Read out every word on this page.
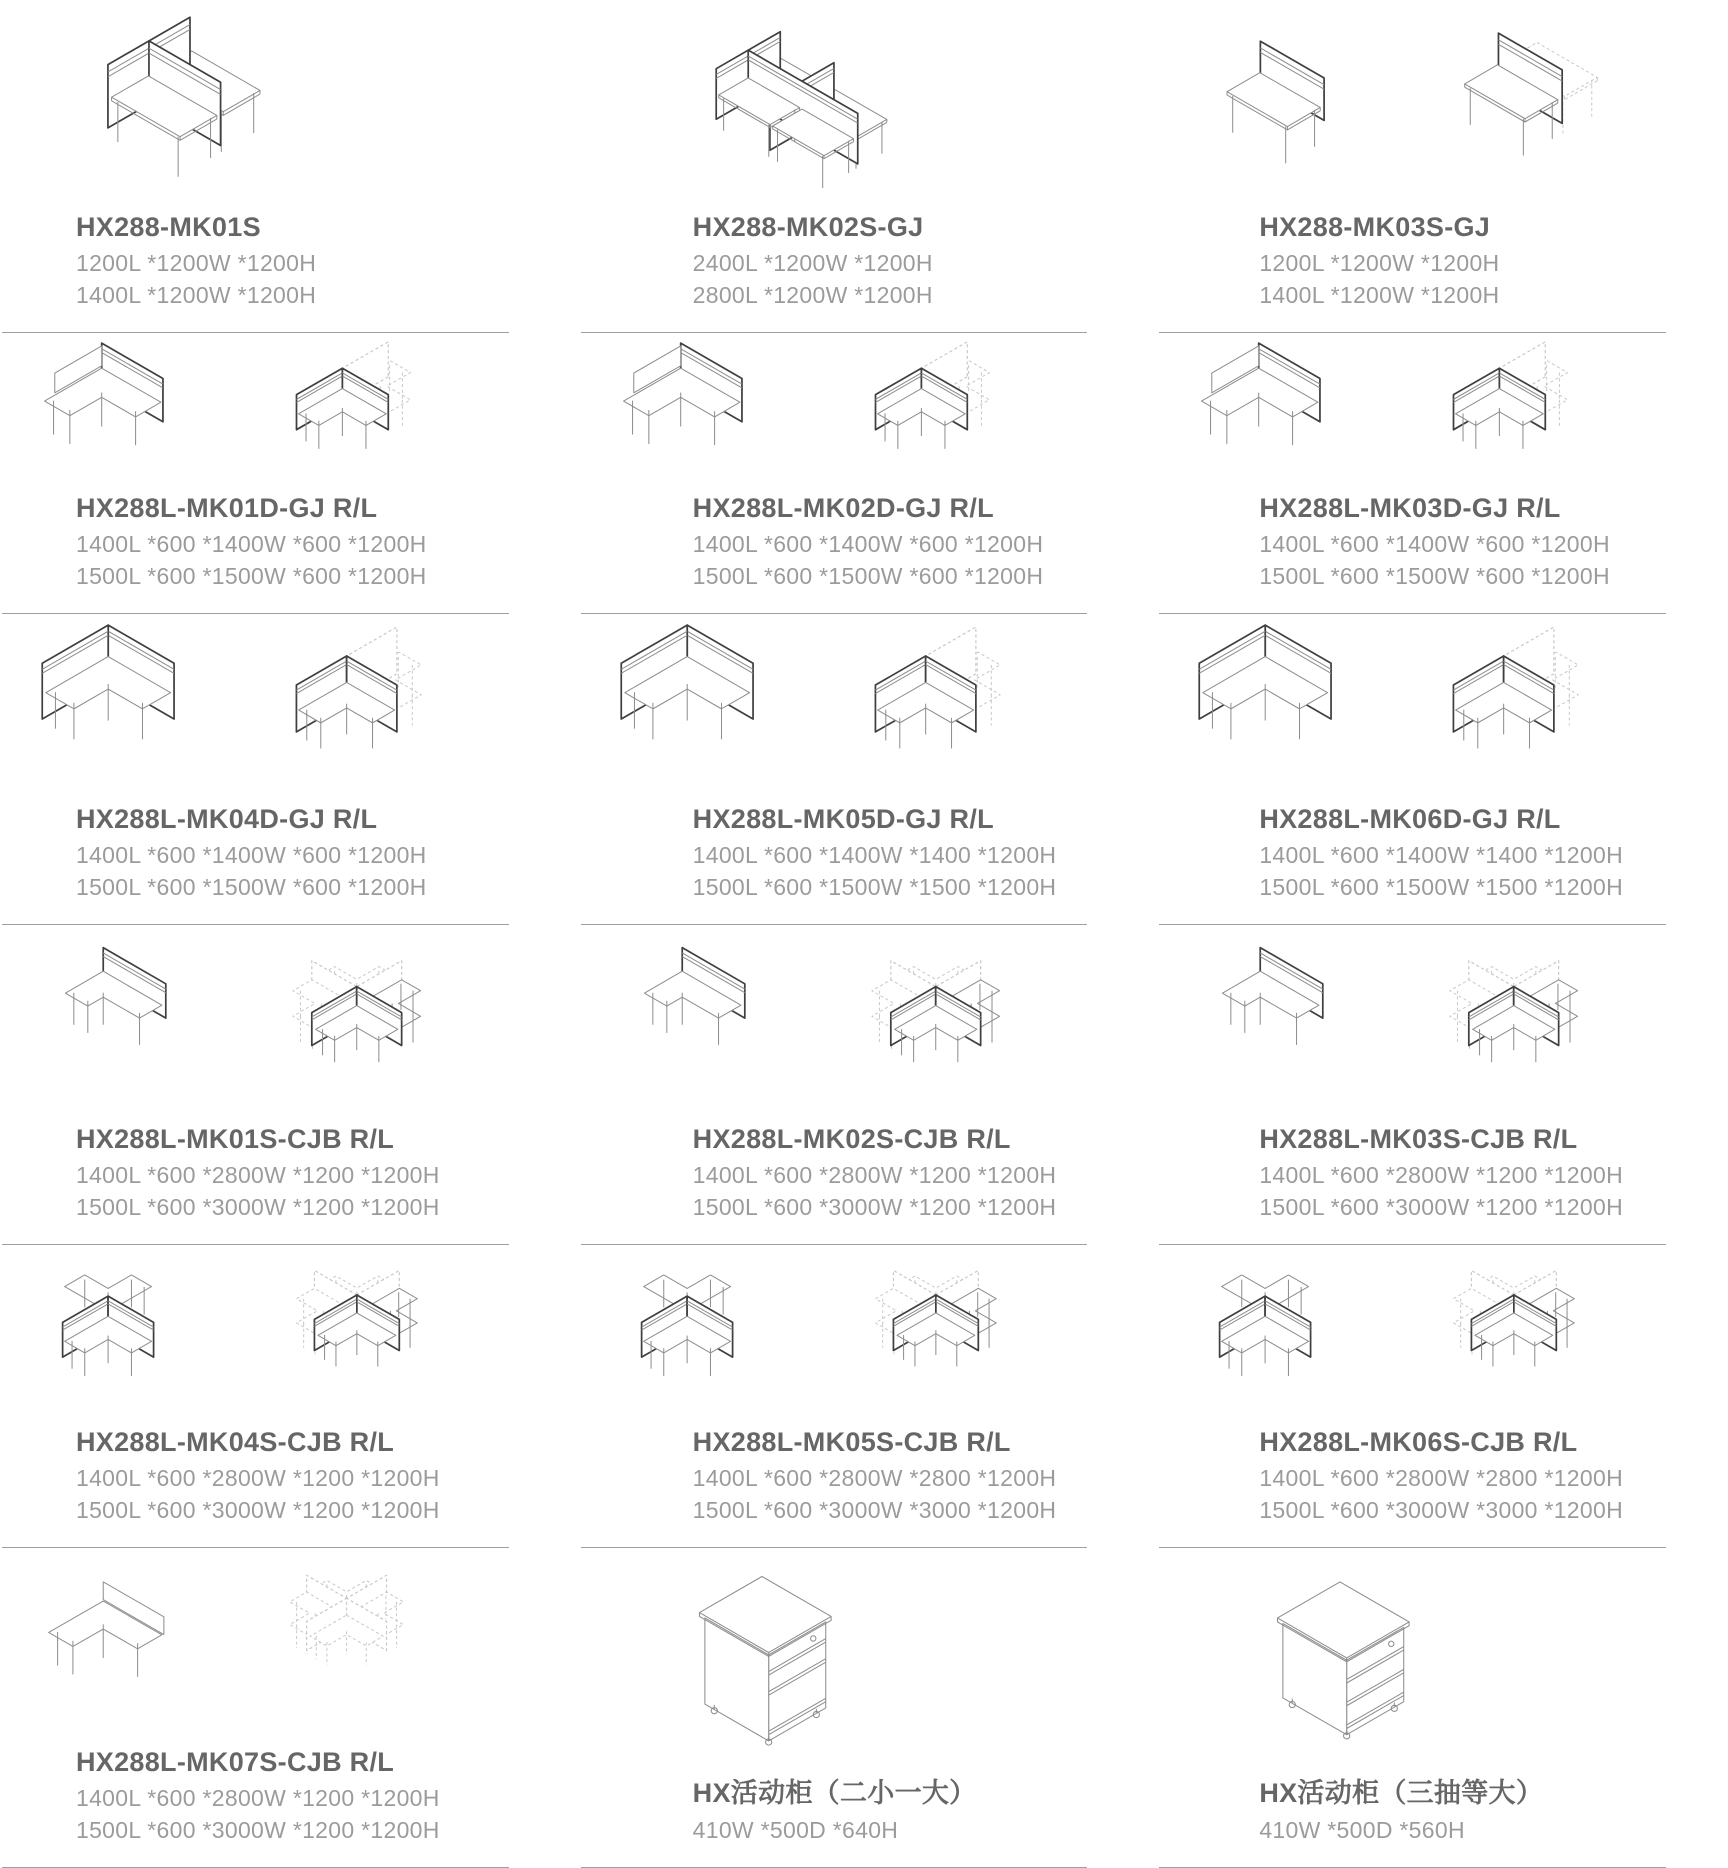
HX288-MK01S

1200L *1200W *1200H

1400L *1200W *1200H

HX288-MK02S-GJ

2400L *1200W *1200H

2800L *1200W *1200H

HX288-MK03S-GJ

1200L *1200W *1200H

1400L *1200W *1200H

HX288L-MK01D-GJ R/L

1400L *600 *1400W *600 *1200H

1500L *600 *1500W *600 *1200H

HX288L-MK02D-GJ R/L

1400L *600 *1400W *600 *1200H

1500L *600 *1500W *600 *1200H

HX288L-MK03D-GJ R/L

1400L *600 *1400W *600 *1200H

1500L *600 *1500W *600 *1200H

HX288L-MK04D-GJ R/L

1400L *600 *1400W *600 *1200H

1500L *600 *1500W *600 *1200H

HX288L-MK05D-GJ R/L

1400L *600 *1400W *1400 *1200H

1500L *600 *1500W *1500 *1200H

HX288L-MK06D-GJ R/L

1400L *600 *1400W *1400 *1200H

1500L *600 *1500W *1500 *1200H

HX288L-MK01S-CJB R/L

1400L *600 *2800W *1200 *1200H

1500L *600 *3000W *1200 *1200H

HX288L-MK02S-CJB R/L

1400L *600 *2800W *1200 *1200H

1500L *600 *3000W *1200 *1200H

HX288L-MK03S-CJB R/L

1400L *600 *2800W *1200 *1200H

1500L *600 *3000W *1200 *1200H

HX288L-MK04S-CJB R/L

1400L *600 *2800W *1200 *1200H

1500L *600 *3000W *1200 *1200H

HX288L-MK05S-CJB R/L

1400L *600 *2800W *2800 *1200H

1500L *600 *3000W *3000 *1200H

HX288L-MK06S-CJB R/L

1400L *600 *2800W *2800 *1200H

1500L *600 *3000W *3000 *1200H

HX288L-MK07S-CJB R/L

1400L *600 *2800W *1200 *1200H

1500L *600 *3000W *1200 *1200H

HX活动柜（二小一大）

410W *500D *640H

HX活动柜（三抽等大）

410W *500D *560H
